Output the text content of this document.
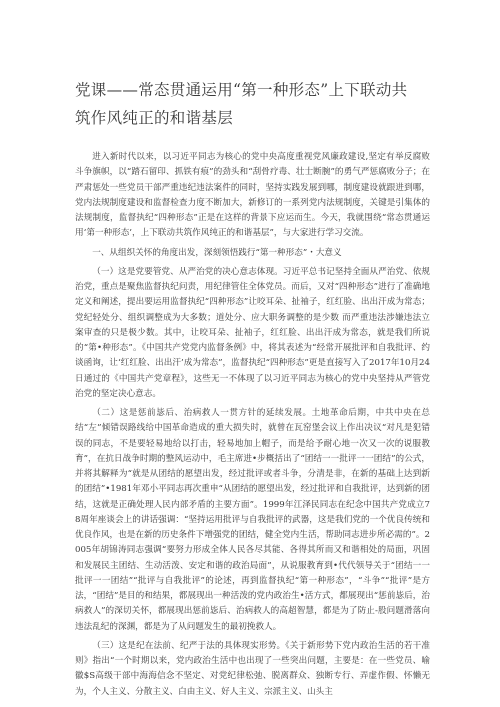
党课——常态贯通运用“第一种形态”上下联动共
筑作风纯正的和谐基层

进入新时代以来，以习近平同志为核心的党中央高度重视党风廉政建设,坚定有举反腐败斗争旗帜，以“踏石留印、抓铁有痕”的劲头和“刮骨疗毒、壮士断腕”的勇气严惩腐败分子；在严肃惩处一些党员干部严重违纪违法案件的同时，坚持实践发展到哪，制度建设就跟进到哪，党内法规制度建设和监督检查力度不断加大，新修订的一系列党内法规制度，关键是引集体的法规制度，监督执纪“四种形态”正是在这样的背景下应运而生。今天，我就围绕“常态贯通运用‘第一种形态’，上下联动共筑作风纯正的和谐基层”，与大家进行学习交流。

一、从组织关怀的角度出发，深刻领悟践行“第一种形态”・大意义

（一）这是党要管党、从严治党的决心意志体现。习近平总书记坚持全面从严治党、依规治党，重点是聚焦监督执纪问责，用纪律管住全体党员。而后，又对“四种形态”进行了准确地定义和阐述，提出要运用监督执纪“四种形态”让咬耳朵、扯袖子，红红脸、出出汗成为常态；党纪轻处分、组织调整成为大多数；道处分、应大职务调整的是少数 而严重违法涉嫌违法立案审查的只是极少数。其中，让咬耳朵、扯袖子，红红脸、出出汗成为常态，就是我们所说的“第•种形态”。《中国共产党党内监督条例》中，将其表述为“经常开展批评和自我批评、约谈函询，让‘红红脸、出出汗’成为常态”，监督执纪“四种形态”更是直接写入了2017年10月24日通过的《中国共产党章程》，这些无一不体现了以习近平同志为核心的党中央坚持从严管党治党的坚定决心意志。

（二）这是惩前毖后、治病救人一贯方针的延续发展。土地革命后期，中共中央在总结“左”倾错误路线给中国革命造成的重大损失时，就曾在瓦窑堡会议上作出决议“对凡是犯错误的同志，不是要轻易地给以打击，轻易地加上帽子，而是给予耐心地一次又一次的说服教育”，在抗日战争时期的整风运动中，毛主席进•步概括出了“团结一一批评一一团结”的公式，并将其解释为“就是从团结的愿望出发，经过批评或者斗争，分清是非，在新的基础上达到新的团结”•1981年邓小平同志再次重申“从团结的愿望出发，经过批评和自我批评，达到新的团结，这就是正确处理人民内部矛盾的主要方面”。1999年江泽民同志在纪念中国共产党成立78周年座谈会上的讲话强调：“坚持运用批评与自我批评的武器，这是我们党的一个优良传统和优良作风，也是在新的历史条件下增强党的团结，健全党内生活，帮助同志进步所必需的”。2005年胡锦涛同志强调“要努力形成全体人民各尽其能、各得其所而又和谐相处的局面，巩固和发展民主团结、生动活泼、安定和谐的政治局面”，从说服教育到•代代领导关于“团结一一批评一一团结”“批评与自我批评”的论述，再到监督执纪“第一种形态”，“斗争”“批评”是方法，“团结”是目的和结果，都展现出一种活泼的党内政治生•活方式，都展现出“惩前毖后，治病救人”的深切关怀，都展现出惩前毖后、治病救人的高超智慧，都是为了防止-股问题滑落向违法乱纪的深渊，都是为了从问题发生的最初挽救人。

（三）这是纪在法前、纪严于法的具体现实形势。《关于新形势下党内政治生活的若干准则》指出“一个时期以来，党内政治生活中也出现了一些突出问题，主要是：在一些党员、喻徽$S高级干部中海海信念不坚定、对党纪律松弛、脱离群众、独断专行、弄虚作假、怀懒无为，个人主义、分散主义、白由主义、好人主义、宗派主义、山头主
